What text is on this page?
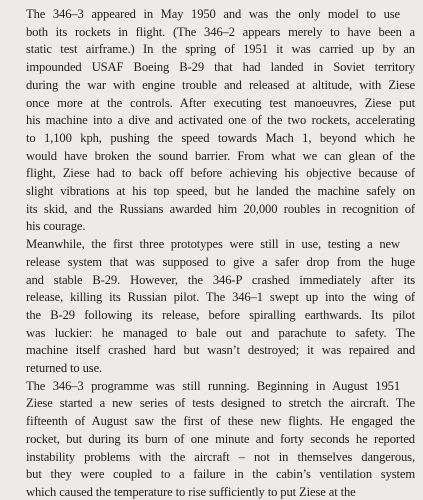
The 346–3 appeared in May 1950 and was the only model to use
both its rockets in flight. (The 346–2 appears merely to have been a
static test airframe.) In the spring of 1951 it was carried up by an
impounded USAF Boeing B-29 that had landed in Soviet territory
during the war with engine trouble and released at altitude, with Ziese
once more at the controls. After executing test manoeuvres, Ziese put
his machine into a dive and activated one of the two rockets, accelerating
to 1,100 kph, pushing the speed towards Mach 1, beyond which he
would have broken the sound barrier. From what we can glean of the
flight, Ziese had to back off before achieving his objective because of
slight vibrations at his top speed, but he landed the machine safely on
its skid, and the Russians awarded him 20,000 roubles in recognition of
his courage.

Meanwhile, the first three prototypes were still in use, testing a new
release system that was supposed to give a safer drop from the huge
and stable B-29. However, the 346-P crashed immediately after its
release, killing its Russian pilot. The 346–1 swept up into the wing of
the B-29 following its release, before spiralling earthwards. Its pilot
was luckier: he managed to bale out and parachute to safety. The
machine itself crashed hard but wasn’t destroyed; it was repaired and
returned to use.

The 346–3 programme was still running. Beginning in August 1951
Ziese started a new series of tests designed to stretch the aircraft. The
fifteenth of August saw the first of these new flights. He engaged the
rocket, but during its burn of one minute and forty seconds he reported
instability problems with the aircraft – not in themselves dangerous,
but they were coupled to a failure in the cabin’s ventilation system
which caused the temperature to rise sufficiently to put Ziese at the
